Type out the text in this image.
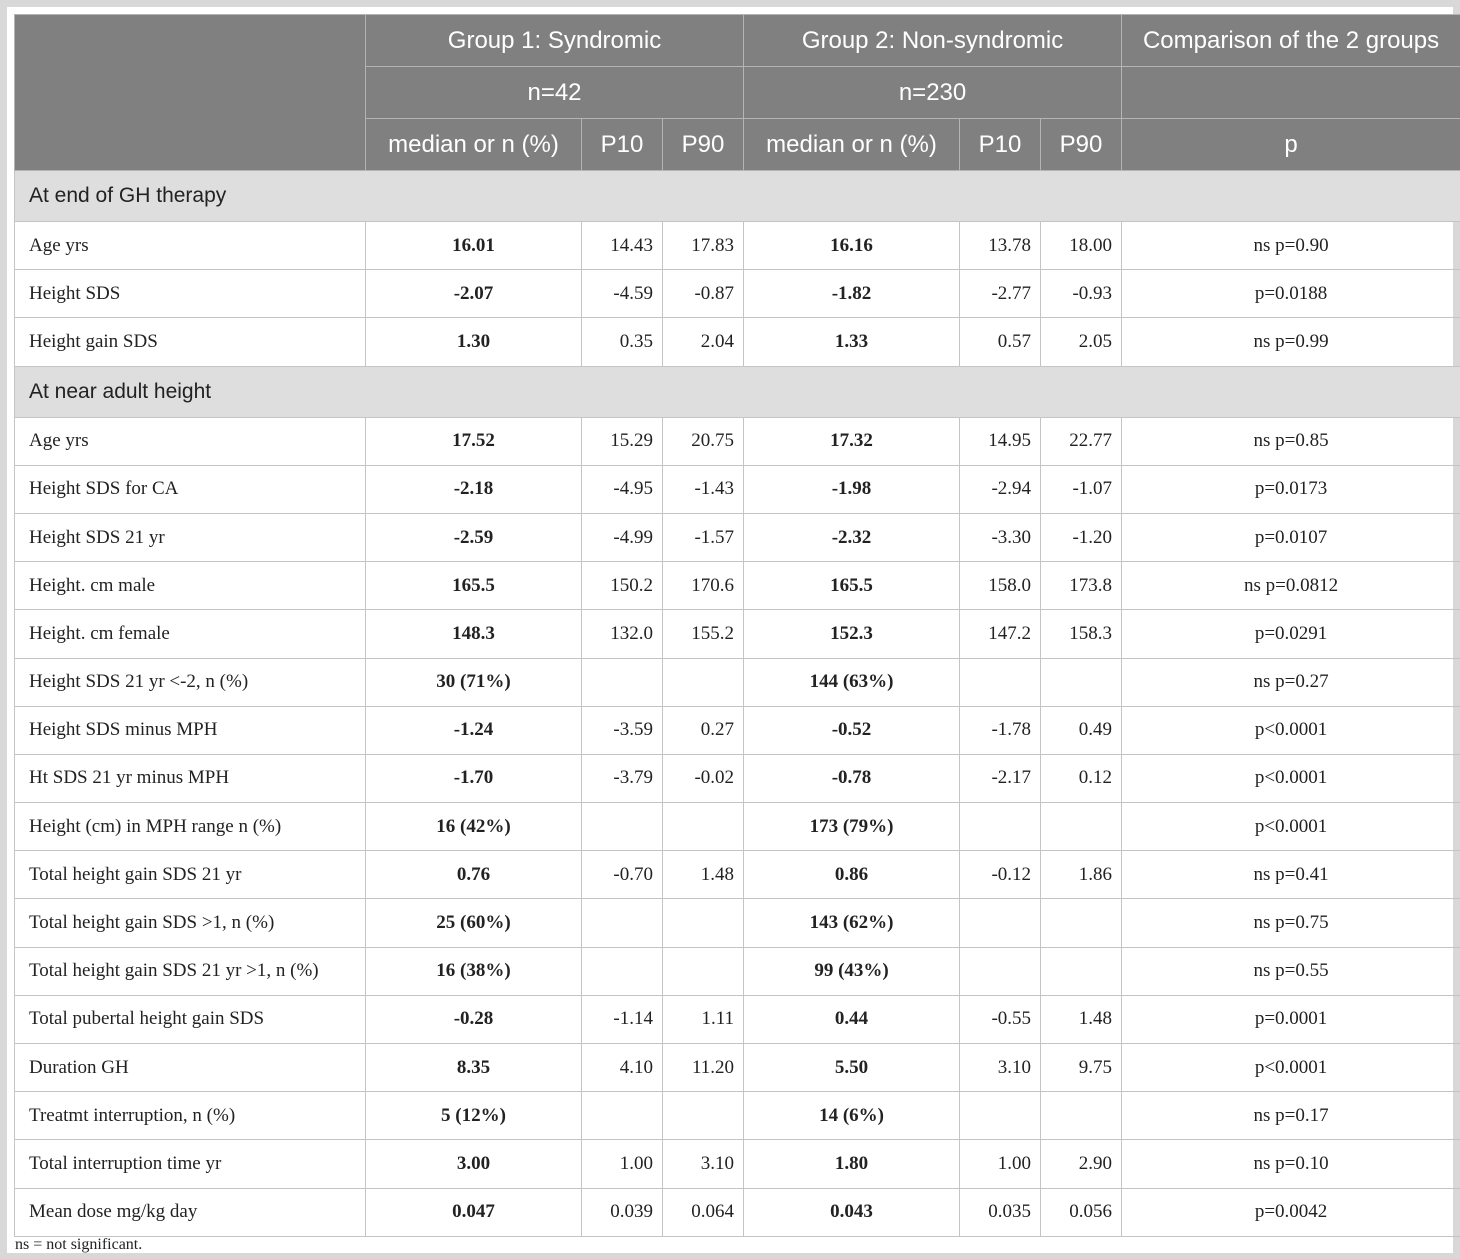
	Group 1: Syndromic			Group 2: Non-syndromic			Comparison of the 2 groups
	n=42			n=230			
	median or n (%)	P10	P90	median or n (%)	P10	P90	p
At end of GH therapy							
Age yrs	16.01	14.43	17.83	16.16	13.78	18.00	ns p=0.90
Height SDS	-2.07	-4.59	-0.87	-1.82	-2.77	-0.93	p=0.0188
Height gain SDS	1.30	0.35	2.04	1.33	0.57	2.05	ns p=0.99
At near adult height							
Age yrs	17.52	15.29	20.75	17.32	14.95	22.77	ns p=0.85
Height SDS for CA	-2.18	-4.95	-1.43	-1.98	-2.94	-1.07	p=0.0173
Height SDS 21 yr	-2.59	-4.99	-1.57	-2.32	-3.30	-1.20	p=0.0107
Height. cm male	165.5	150.2	170.6	165.5	158.0	173.8	ns p=0.0812
Height. cm female	148.3	132.0	155.2	152.3	147.2	158.3	p=0.0291
Height SDS 21 yr <-2, n (%)	30 (71%)			144 (63%)			ns p=0.27
Height SDS minus MPH	-1.24	-3.59	0.27	-0.52	-1.78	0.49	p<0.0001
Ht SDS 21 yr minus MPH	-1.70	-3.79	-0.02	-0.78	-2.17	0.12	p<0.0001
Height (cm) in MPH range n (%)	16 (42%)			173 (79%)			p<0.0001
Total height gain SDS 21 yr	0.76	-0.70	1.48	0.86	-0.12	1.86	ns p=0.41
Total height gain SDS >1, n (%)	25 (60%)			143 (62%)			ns p=0.75
Total height gain SDS 21 yr >1, n (%)	16 (38%)			99 (43%)			ns p=0.55
Total pubertal height gain SDS	-0.28	-1.14	1.11	0.44	-0.55	1.48	p=0.0001
Duration GH	8.35	4.10	11.20	5.50	3.10	9.75	p<0.0001
Treatmt interruption, n (%)	5 (12%)			14 (6%)			ns p=0.17
Total interruption time yr	3.00	1.00	3.10	1.80	1.00	2.90	ns p=0.10
Mean dose mg/kg day	0.047	0.039	0.064	0.043	0.035	0.056	p=0.0042
ns = not significant.
